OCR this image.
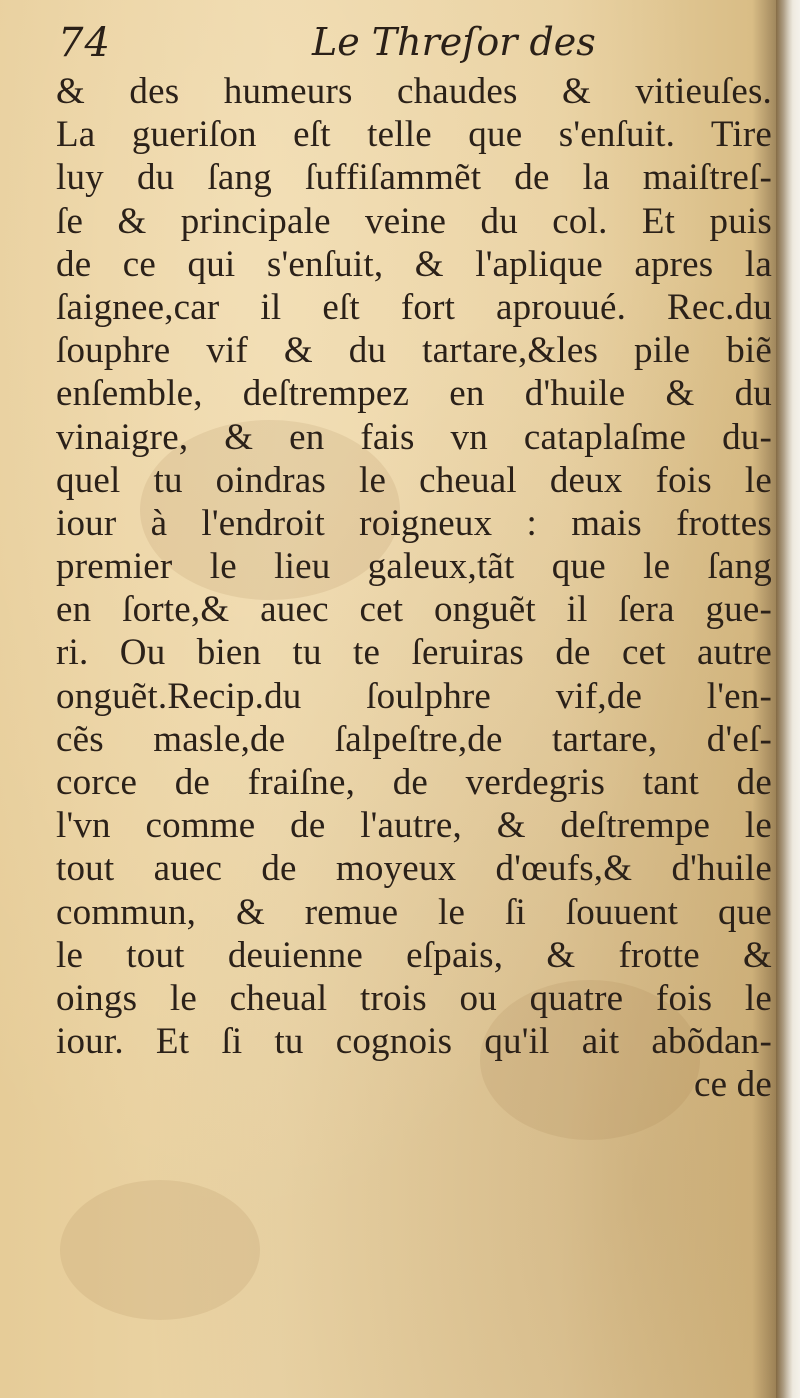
74	Le Threſor des
& des humeurs chaudes & vitieuſes.
La gueriſon eſt telle que s'enſuit. Tire
luy du ſang ſuffiſammẽt de la maiſtreſ-
ſe & principale veine du col. Et puis
de ce qui s'enſuit, & l'aplique apres la
ſaignee,car il eſt fort aprouué. Rec.du
ſouphre vif & du tartare,&les pile biẽ
enſemble, deſtrempez en d'huile & du
vinaigre, & en fais vn cataplaſme du-
quel tu oindras le cheual deux fois le
iour à l'endroit roigneux : mais frottes
premier le lieu galeux,tãt que le ſang
en ſorte,& auec cet onguẽt il ſera gue-
ri. Ou bien tu te ſeruiras de cet autre
onguẽt.Recip.du ſoulphre vif,de l'en-
cẽs masle,de ſalpeſtre,de tartare, d'eſ-
corce de fraiſne, de verdegris tant de
l'vn comme de l'autre, & deſtrempe le
tout auec de moyeux d'œufs,& d'huile
commun, & remue le ſi ſouuent que
le tout deuienne eſpais, & frotte &
oings le cheual trois ou quatre fois le
iour. Et ſi tu cognois qu'il ait abõdan-
ce de
